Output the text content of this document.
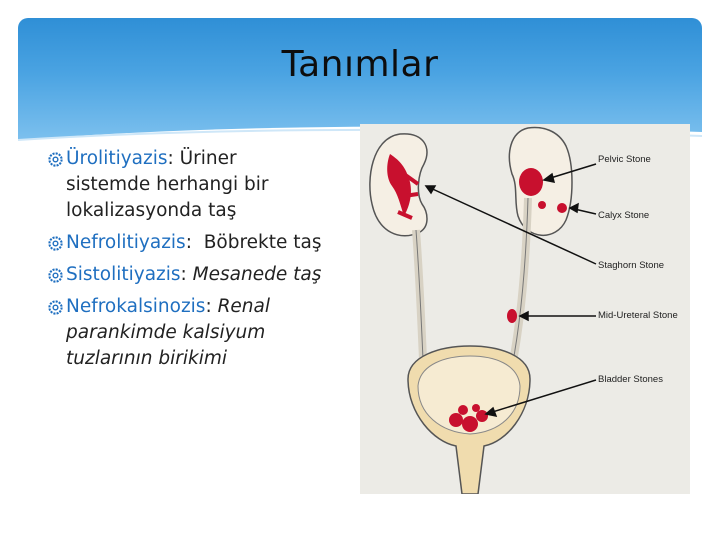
Tanımlar
Ürolitiyazis: Üriner
sistemde herhangi bir
lokalizasyonda taş
Nefrolitiyazis:  Böbrekte taş
Sistolitiyazis: Mesanede taş
Nefrokalsinozis: Renal
parankimde kalsiyum
tuzlarının birikimi
Pelvic Stone
Calyx Stone
Staghorn Stone
Mid-Ureteral Stone
Bladder Stones
